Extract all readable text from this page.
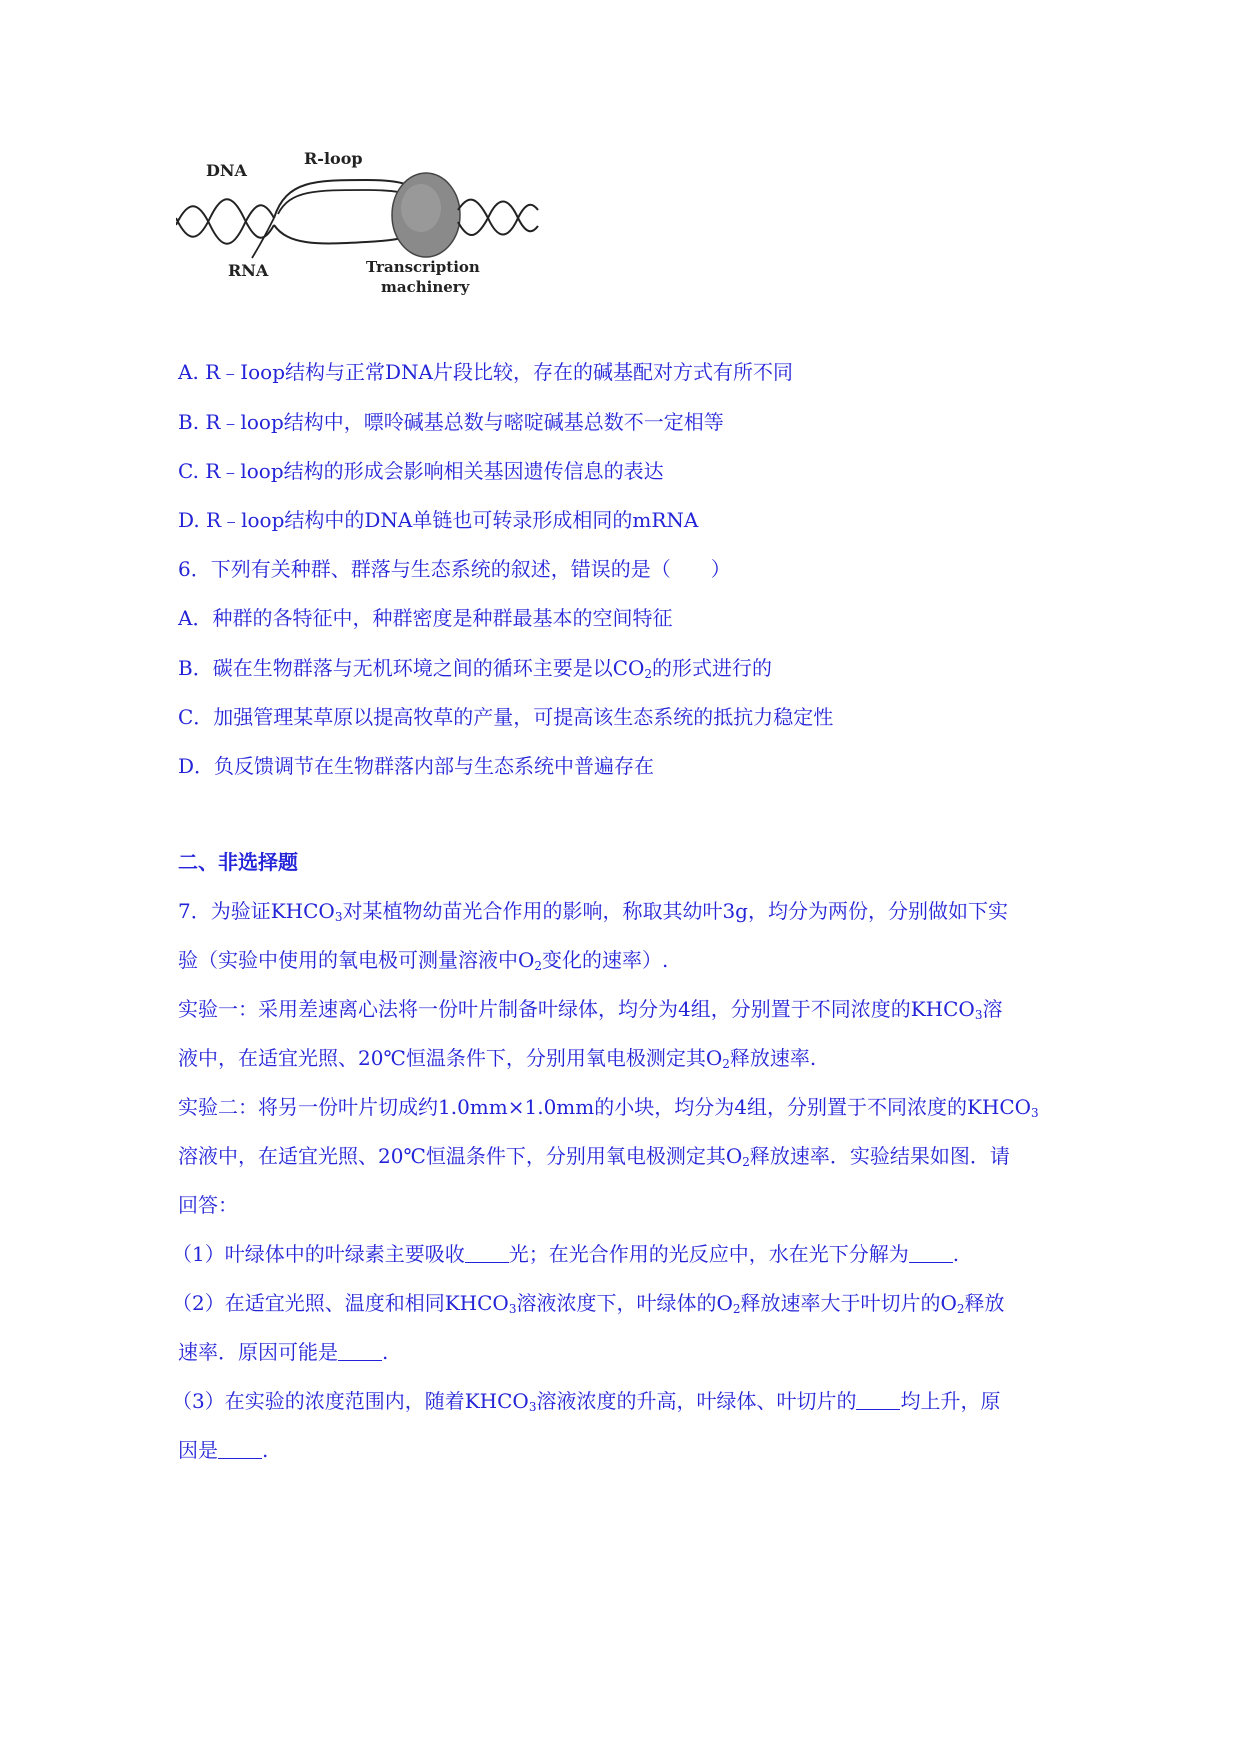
DNA
R-loop
RNA	Transcription
machinery
A. R﹣Ioop结构与正常DNA片段比较，存在的碱基配对方式有所不同
B. R﹣loop结构中，嘌呤碱基总数与嘧啶碱基总数不一定相等
C. R﹣loop结构的形成会影响相关基因遗传信息的表达
D. R﹣loop结构中的DNA单链也可转录形成相同的mRNA
6．下列有关种群、群落与生态系统的叙述，错误的是（　　）
A．种群的各特征中，种群密度是种群最基本的空间特征
B．碳在生物群落与无机环境之间的循环主要是以$CO_2$的形式进行的
C．加强管理某草原以提高牧草的产量，可提高该生态系统的抵抗力稳定性
D．负反馈调节在生物群落内部与生态系统中普遍存在
二、非选择题
7．为验证$KHCO_3$对某植物幼苗光合作用的影响，称取其幼叶3g，均分为两份，分别做如下实
验（实验中使用的氧电极可测量溶液中$O_2$变化的速率）.
实验一：采用差速离心法将一份叶片制备叶绿体，均分为4组，分别置于不同浓度的$KHCO_3$溶
液中，在适宜光照、20℃恒温条件下，分别用氧电极测定其$O_2$释放速率.
实验二：将另一份叶片切成约1.0mm×1.0mm的小块，均分为4组，分别置于不同浓度的$KHCO_3$
溶液中，在适宜光照、20℃恒温条件下，分别用氧电极测定其$O_2$释放速率．实验结果如图．请
回答：
（1）叶绿体中的叶绿素主要吸收 光；在光合作用的光反应中，水在光下分解为 .
（2）在适宜光照、温度和相同$KHCO_3$溶液浓度下，叶绿体的$O_2$释放速率大于叶切片的$O_2$释放
速率．原因可能是 .
（3）在实验的浓度范围内，随着$KHCO_3$溶液浓度的升高，叶绿体、叶切片的 均上升，原
因是 .
